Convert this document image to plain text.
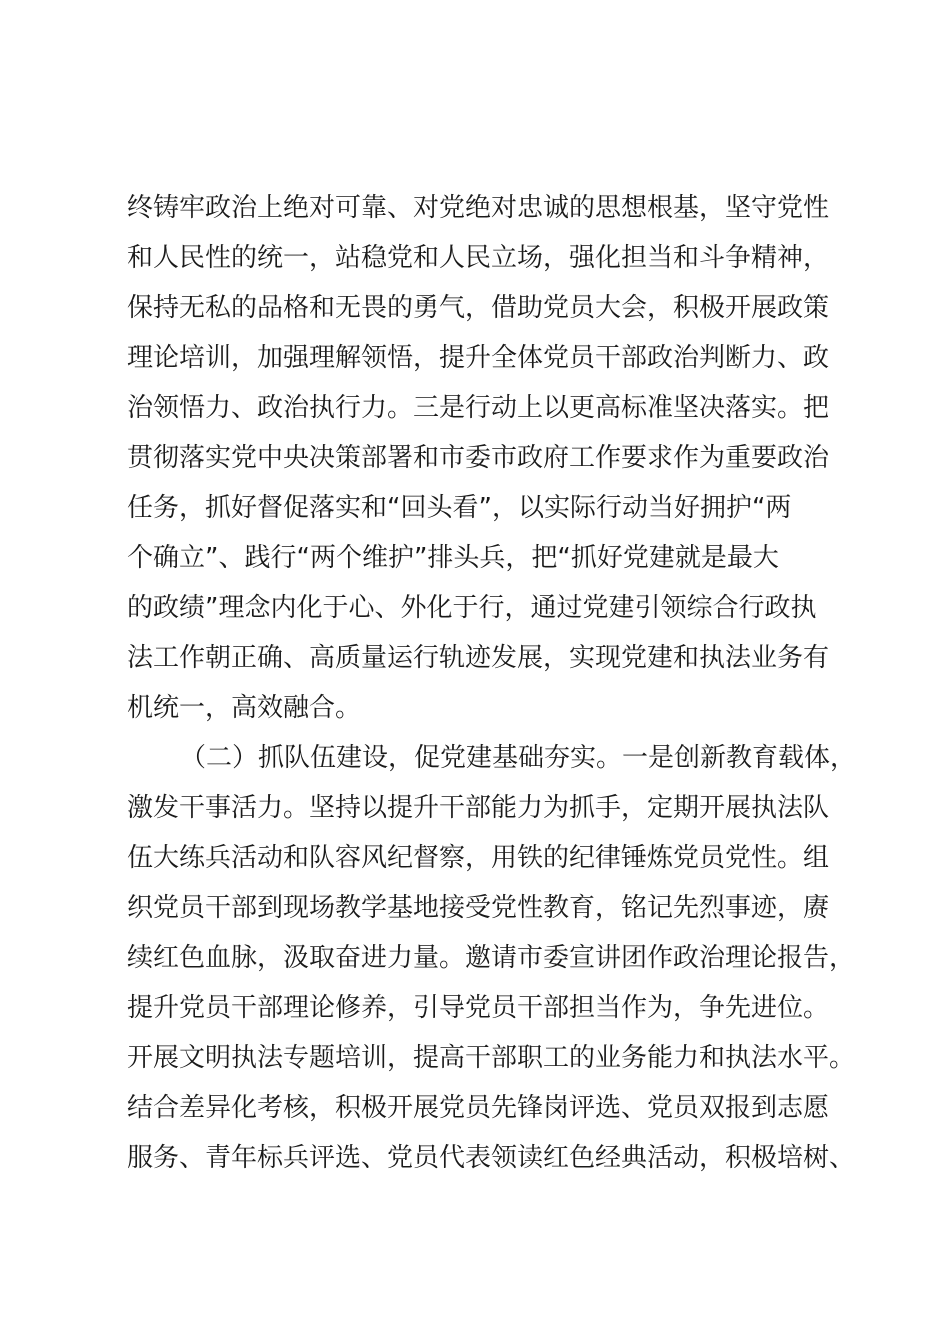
终铸牢政治上绝对可靠、对党绝对忠诚的思想根基，坚守党性
和人民性的统一，站稳党和人民立场，强化担当和斗争精神，
保持无私的品格和无畏的勇气，借助党员大会，积极开展政策
理论培训，加强理解领悟，提升全体党员干部政治判断力、政
治领悟力、政治执行力。三是行动上以更高标准坚决落实。把
贯彻落实党中央决策部署和市委市政府工作要求作为重要政治
任务，抓好督促落实和“回头看”，以实际行动当好拥护“两
个确立”、践行“两个维护”排头兵，把“抓好党建就是最大
的政绩”理念内化于心、外化于行，通过党建引领综合行政执
法工作朝正确、高质量运行轨迹发展，实现党建和执法业务有
机统一，高效融合。
（二）抓队伍建设，促党建基础夯实。一是创新教育载体，
激发干事活力。坚持以提升干部能力为抓手，定期开展执法队
伍大练兵活动和队容风纪督察，用铁的纪律锤炼党员党性。组
织党员干部到现场教学基地接受党性教育，铭记先烈事迹，赓
续红色血脉，汲取奋进力量。邀请市委宣讲团作政治理论报告，
提升党员干部理论修养，引导党员干部担当作为，争先进位。
开展文明执法专题培训，提高干部职工的业务能力和执法水平。
结合差异化考核，积极开展党员先锋岗评选、党员双报到志愿
服务、青年标兵评选、党员代表领读红色经典活动，积极培树、
